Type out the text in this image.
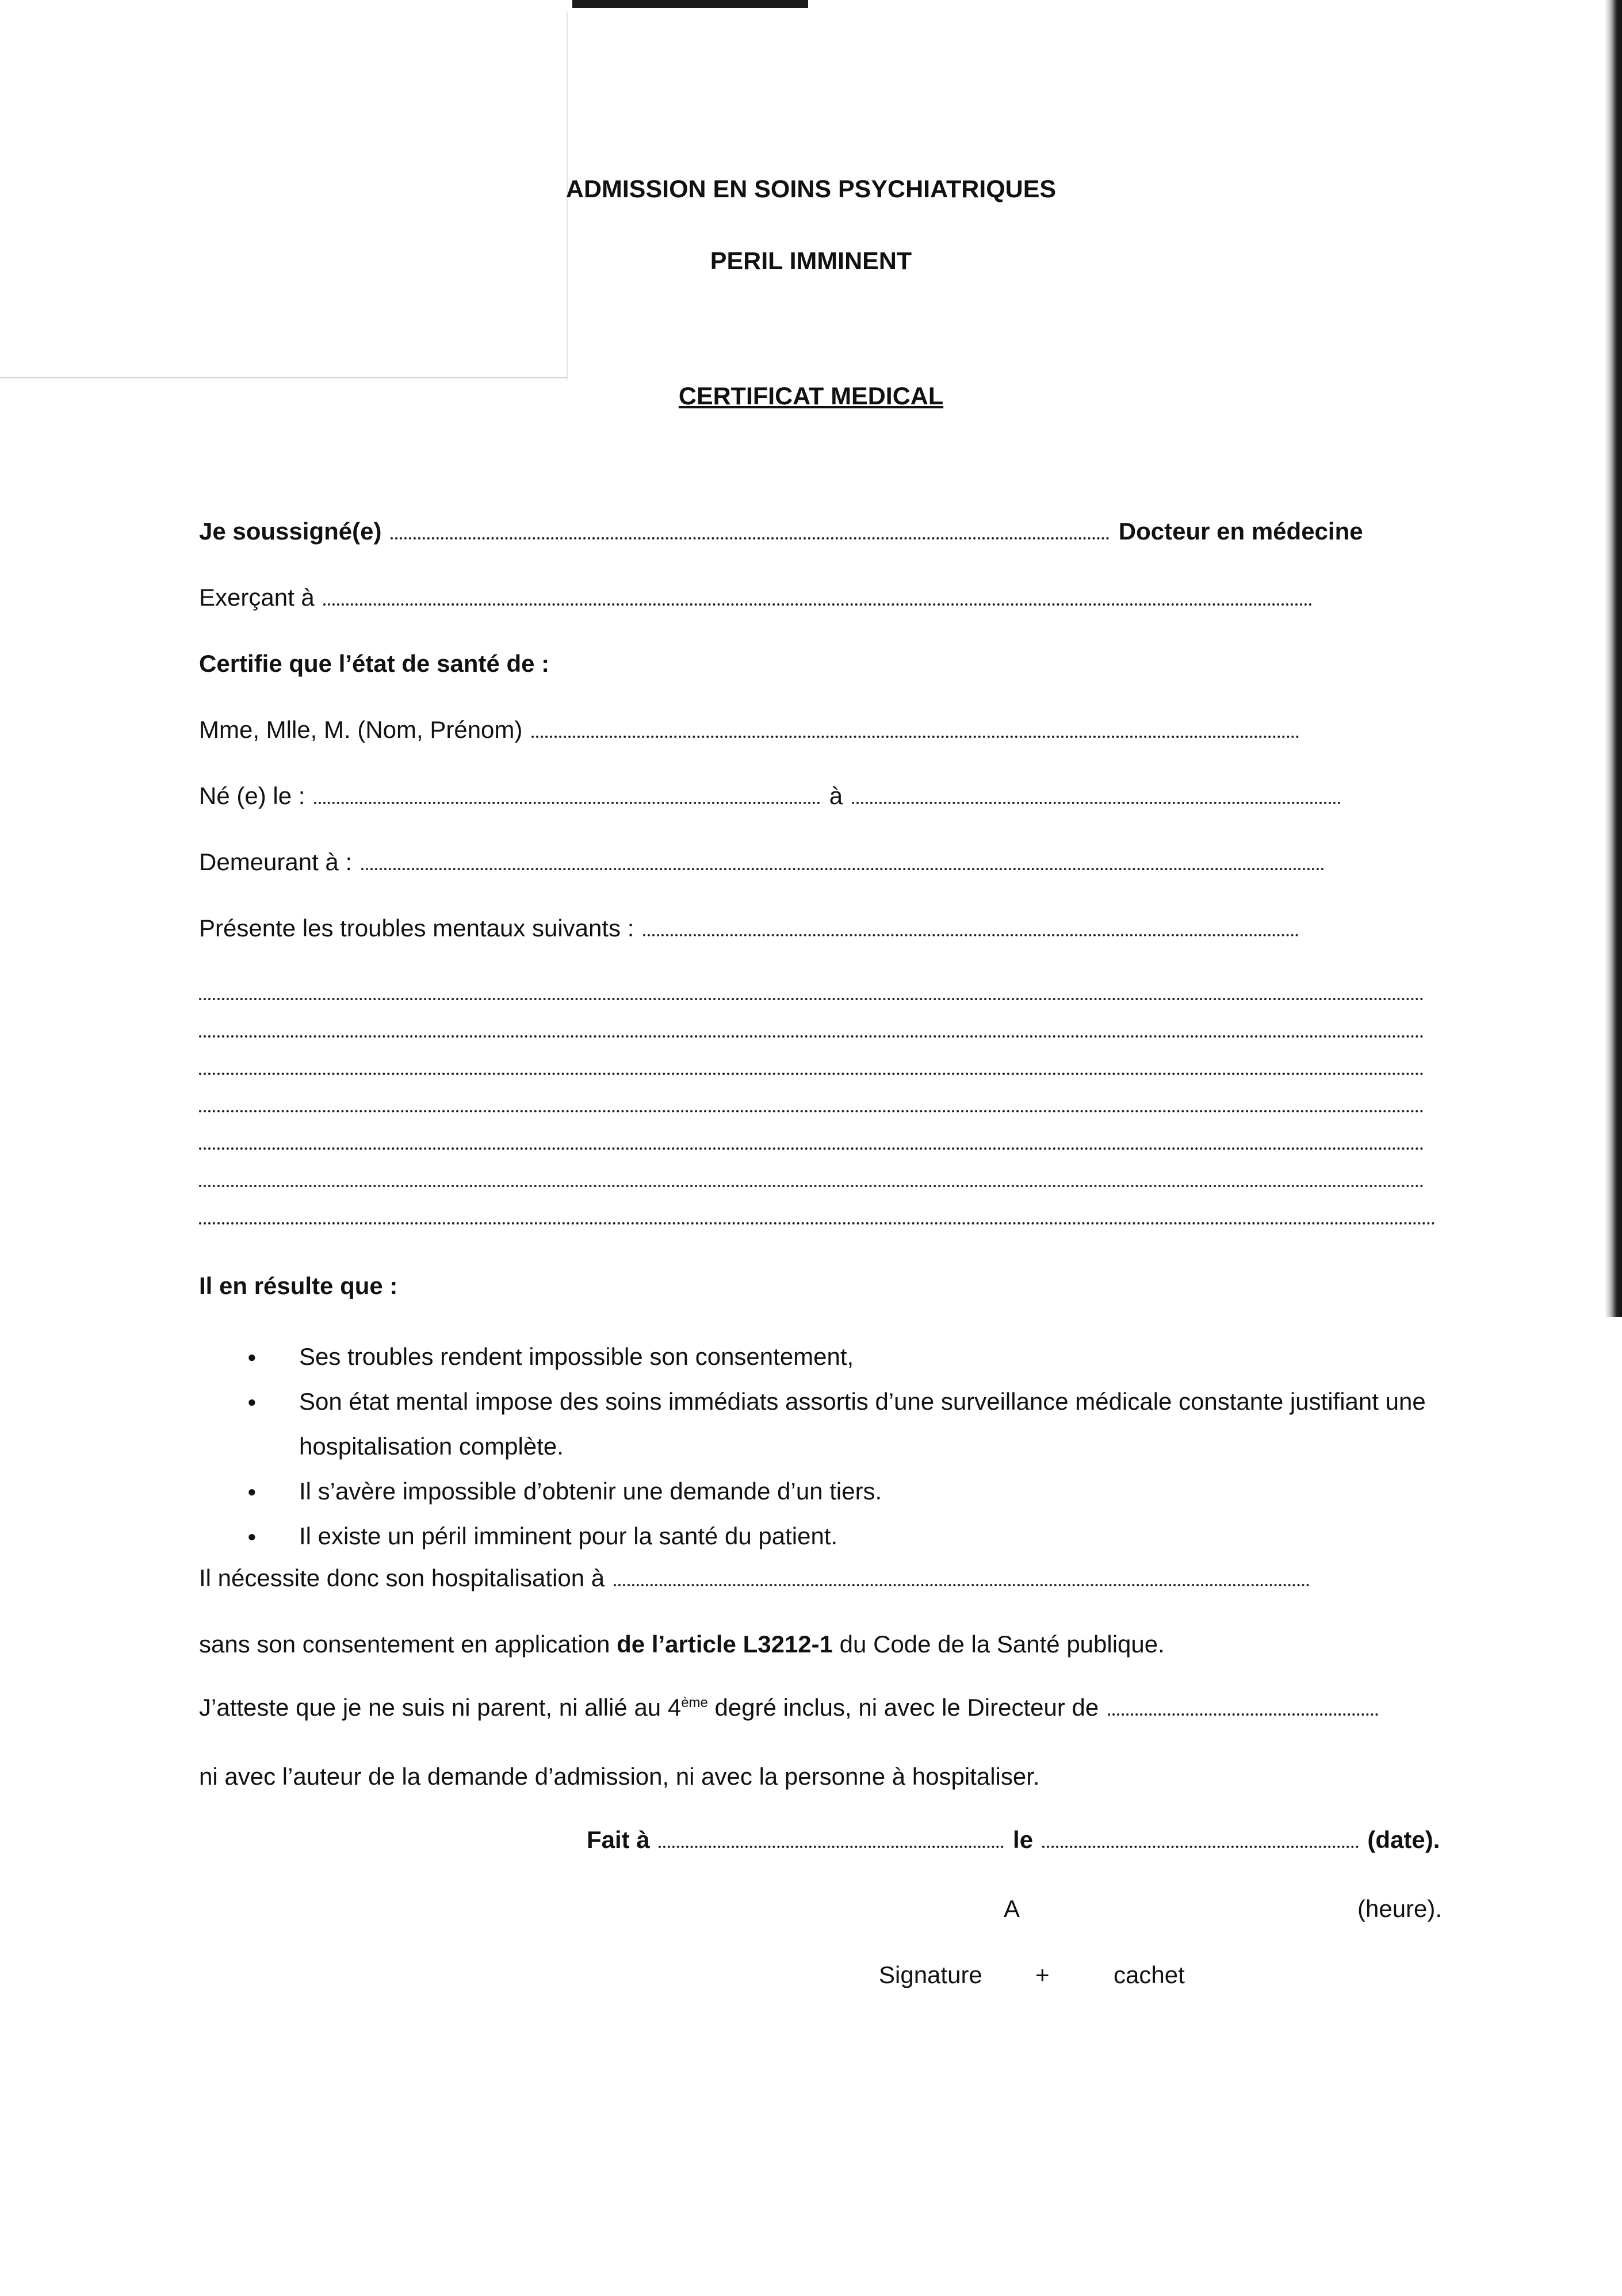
ADMISSION EN SOINS PSYCHIATRIQUES
PERIL IMMINENT
CERTIFICAT MEDICAL
Je soussigné(e)	Docteur en médecine
Exerçant à
Certifie que l’état de santé de :
Mme, Mlle, M. (Nom, Prénom)
Né (e) le :	à
Demeurant à :
Présente les troubles mentaux suivants :
Il en résulte que :
● Ses troubles rendent impossible son consentement,
● Son état mental impose des soins immédiats assortis d’une surveillance médicale constante justifiant une hospitalisation complète.
● Il s’avère impossible d’obtenir une demande d’un tiers.
● Il existe un péril imminent pour la santé du patient.
Il nécessite donc son hospitalisation à
sans son consentement en application de l’article L3212-1 du Code de la Santé publique.
J’atteste que je ne suis ni parent, ni allié au 4ème degré inclus, ni avec le Directeur de
ni avec l’auteur de la demande d’admission, ni avec la personne à hospitaliser.
Fait à	le	(date).
A	(heure).
Signature +	cachet
